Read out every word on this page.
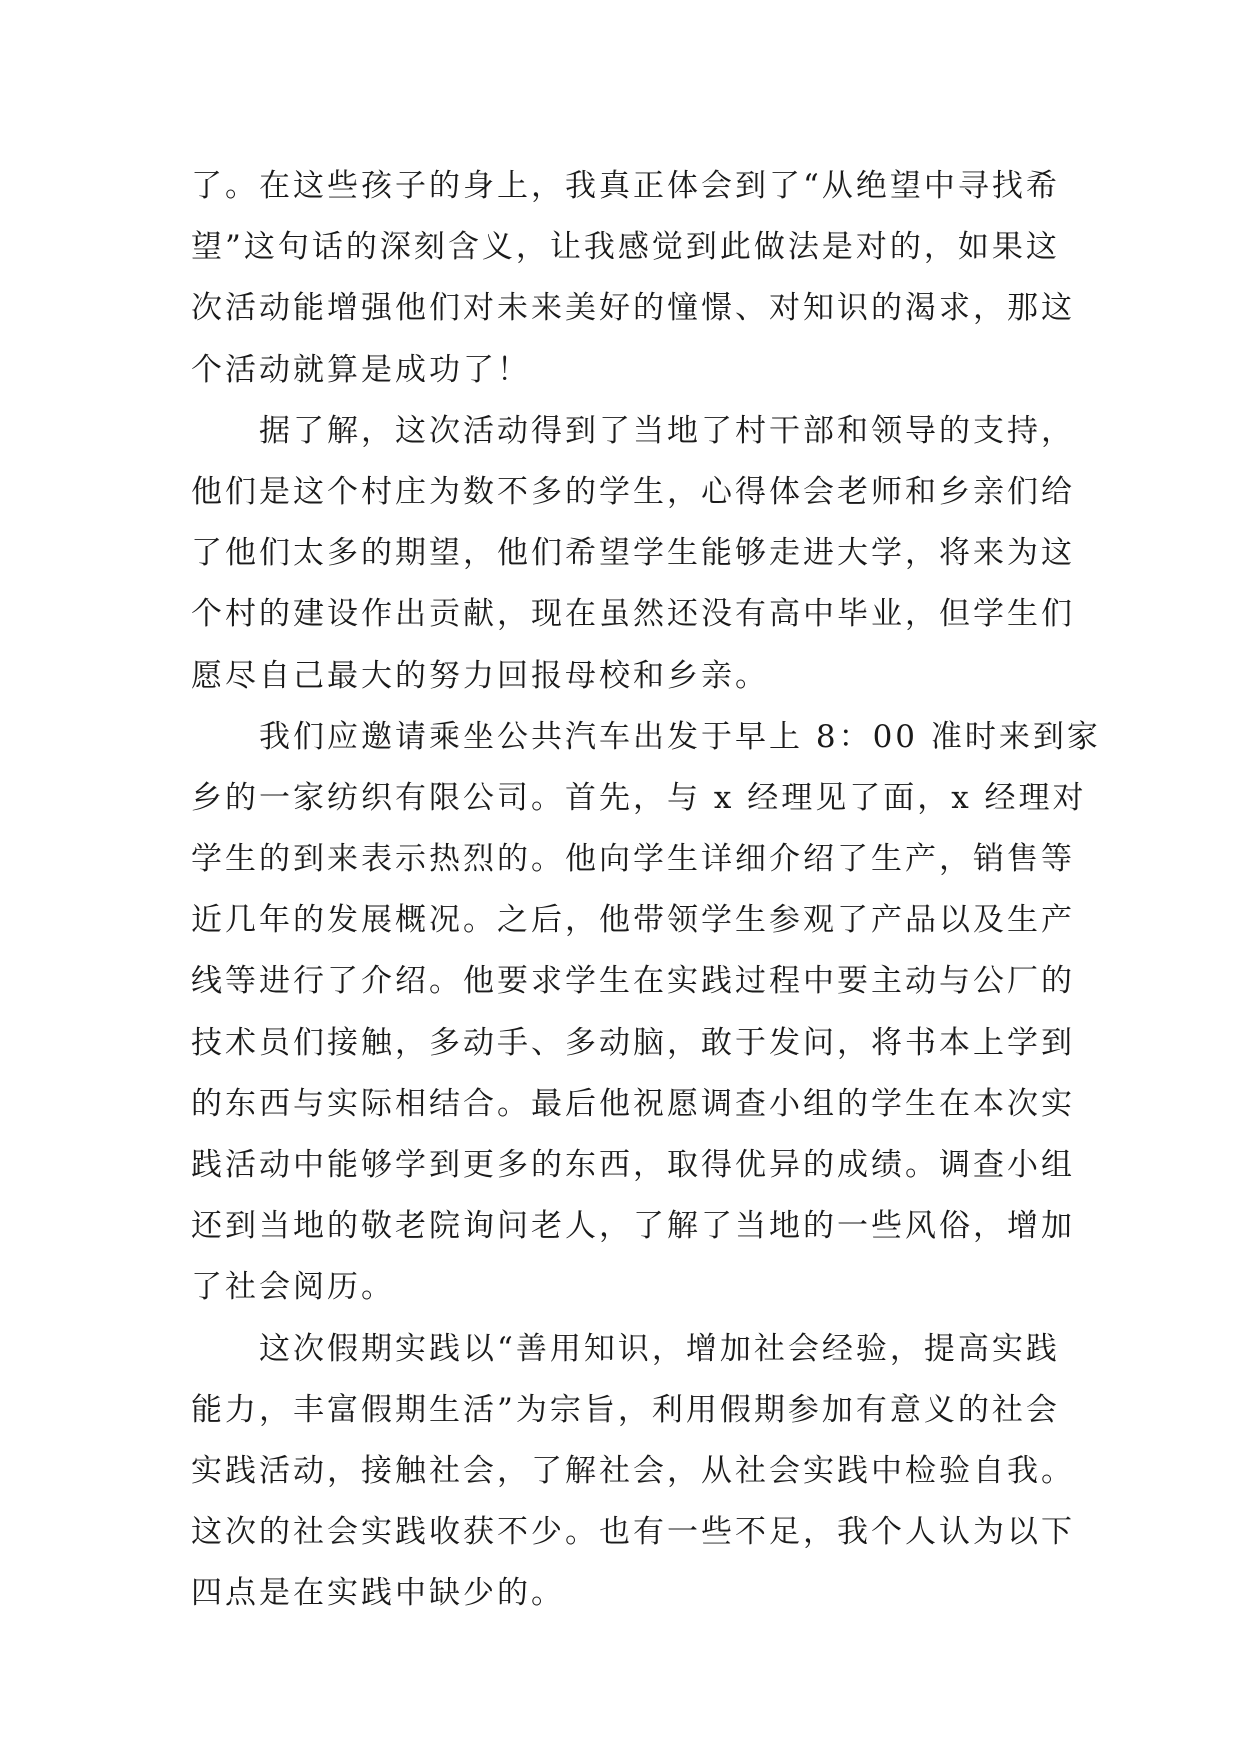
了。在这些孩子的身上，我真正体会到了“从绝望中寻找希
望”这句话的深刻含义，让我感觉到此做法是对的，如果这
次活动能增强他们对未来美好的憧憬、对知识的渴求，那这
个活动就算是成功了！
据了解，这次活动得到了当地了村干部和领导的支持，
他们是这个村庄为数不多的学生，心得体会老师和乡亲们给
了他们太多的期望，他们希望学生能够走进大学，将来为这
个村的建设作出贡献，现在虽然还没有高中毕业，但学生们
愿尽自己最大的努力回报母校和乡亲。
我们应邀请乘坐公共汽车出发于早上 8：00 准时来到家
乡的一家纺织有限公司。首先，与 x 经理见了面，x 经理对
学生的到来表示热烈的。他向学生详细介绍了生产，销售等
近几年的发展概况。之后，他带领学生参观了产品以及生产
线等进行了介绍。他要求学生在实践过程中要主动与公厂的
技术员们接触，多动手、多动脑，敢于发问，将书本上学到
的东西与实际相结合。最后他祝愿调查小组的学生在本次实
践活动中能够学到更多的东西，取得优异的成绩。调查小组
还到当地的敬老院询问老人，了解了当地的一些风俗，增加
了社会阅历。
这次假期实践以“善用知识，增加社会经验，提高实践
能力，丰富假期生活”为宗旨，利用假期参加有意义的社会
实践活动，接触社会，了解社会，从社会实践中检验自我。
这次的社会实践收获不少。也有一些不足，我个人认为以下
四点是在实践中缺少的。
